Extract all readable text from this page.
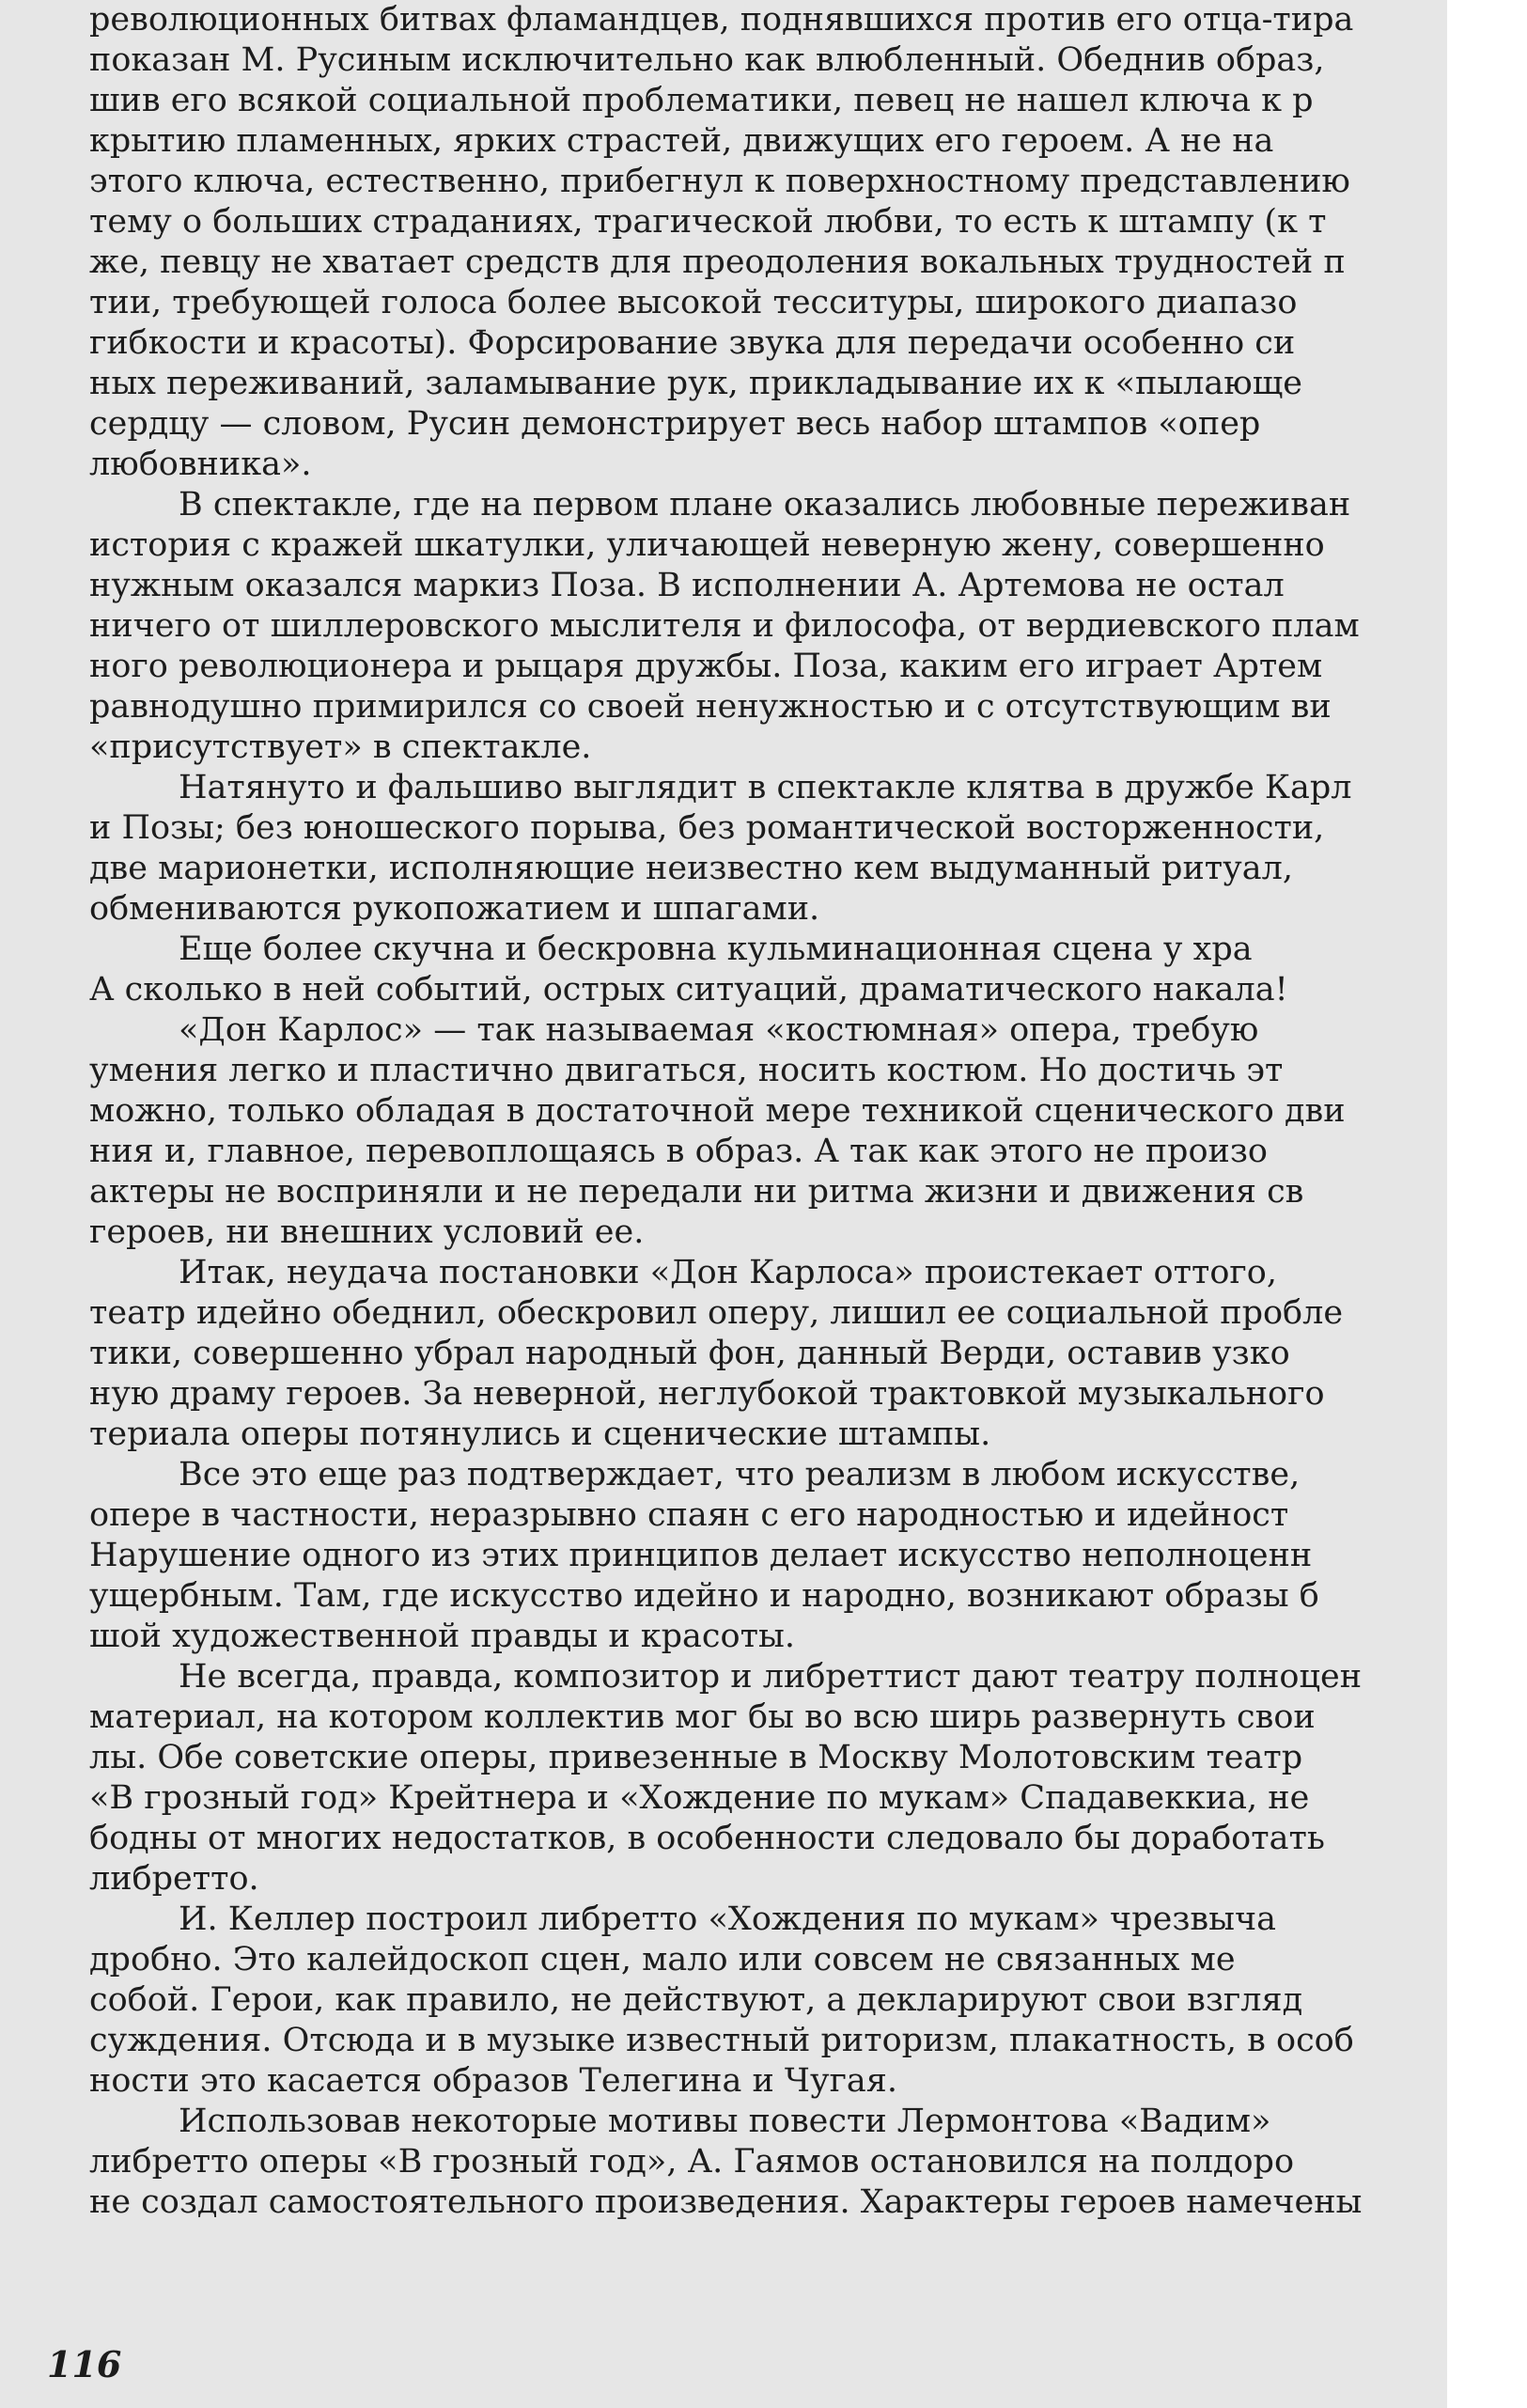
революционных битвах фламандцев, поднявшихся против его отца-тира
показан М. Русиным исключительно как влюбленный. Обеднив образ,
шив его всякой социальной проблематики, певец не нашел ключа к р
крытию пламенных, ярких страстей, движущих его героем. А не на
этого ключа, естественно, прибегнул к поверхностному представлению
тему о больших страданиях, трагической любви, то есть к штампу (к т
же, певцу не хватает средств для преодоления вокальных трудностей п
тии, требующей голоса более высокой тесситуры, широкого диапазо
гибкости и красоты). Форсирование звука для передачи особенно си
ных переживаний, заламывание рук, прикладывание их к «пылающе
сердцу — словом, Русин демонстрирует весь набор штампов «опер
любовника».
В спектакле, где на первом плане оказались любовные переживан
история с кражей шкатулки, уличающей неверную жену, совершенно
нужным оказался маркиз Поза. В исполнении А. Артемова не остал
ничего от шиллеровского мыслителя и философа, от вердиевского плам
ного революционера и рыцаря дружбы. Поза, каким его играет Артем
равнодушно примирился со своей ненужностью и с отсутствующим ви
«присутствует» в спектакле.
Натянуто и фальшиво выглядит в спектакле клятва в дружбе Карл
и Позы; без юношеского порыва, без романтической восторженности,
две марионетки, исполняющие неизвестно кем выдуманный ритуал,
обмениваются рукопожатием и шпагами.
Еще более скучна и бескровна кульминационная сцена у хра
А сколько в ней событий, острых ситуаций, драматического накала!
«Дон Карлос» — так называемая «костюмная» опера, требую
умения легко и пластично двигаться, носить костюм. Но достичь эт
можно, только обладая в достаточной мере техникой сценического дви
ния и, главное, перевоплощаясь в образ. А так как этого не произо
актеры не восприняли и не передали ни ритма жизни и движения св
героев, ни внешних условий ее.
Итак, неудача постановки «Дон Карлоса» проистекает оттого,
театр идейно обеднил, обескровил оперу, лишил ее социальной пробле
тики, совершенно убрал народный фон, данный Верди, оставив узко
ную драму героев. За неверной, неглубокой трактовкой музыкального
териала оперы потянулись и сценические штампы.
Все это еще раз подтверждает, что реализм в любом искусстве,
опере в частности, неразрывно спаян с его народностью и идейност
Нарушение одного из этих принципов делает искусство неполноценн
ущербным. Там, где искусство идейно и народно, возникают образы б
шой художественной правды и красоты.
Не всегда, правда, композитор и либреттист дают театру полноцен
материал, на котором коллектив мог бы во всю ширь развернуть свои
лы. Обе советские оперы, привезенные в Москву Молотовским театр
«В грозный год» Крейтнера и «Хождение по мукам» Спадавеккиа, не
бодны от многих недостатков, в особенности следовало бы доработать
либретто.
И. Келлер построил либретто «Хождения по мукам» чрезвыча
дробно. Это калейдоскоп сцен, мало или совсем не связанных ме
собой. Герои, как правило, не действуют, а декларируют свои взгляд
суждения. Отсюда и в музыке известный риторизм, плакатность, в особ
ности это касается образов Телегина и Чугая.
Использовав некоторые мотивы повести Лермонтова «Вадим»
либретто оперы «В грозный год», А. Гаямов остановился на полдорo
не создал самостоятельного произведения. Характеры героев намечены
116
